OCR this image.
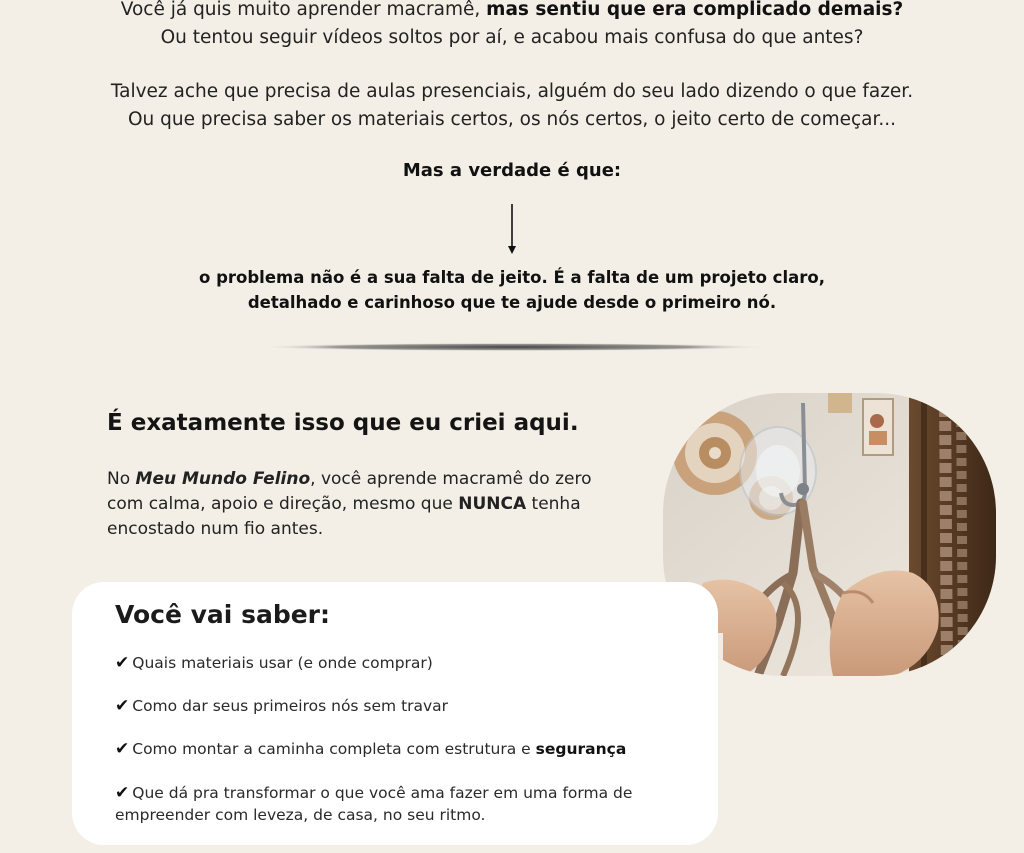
Você já quis muito aprender macramê, mas sentiu que era complicado demais?
Ou tentou seguir vídeos soltos por aí, e acabou mais confusa do que antes?
Talvez ache que precisa de aulas presenciais, alguém do seu lado dizendo o que fazer.
Ou que precisa saber os materiais certos, os nós certos, o jeito certo de começar...
Mas a verdade é que:
o problema não é a sua falta de jeito. É a falta de um projeto claro,
detalhado e carinhoso que te ajude desde o primeiro nó.
É exatamente isso que eu criei aqui.
No Meu Mundo Felino, você aprende macramê do zero com calma, apoio e direção, mesmo que NUNCA tenha encostado num fio antes.
Você vai saber:
✔ Quais materiais usar (e onde comprar)
✔ Como dar seus primeiros nós sem travar
✔ Como montar a caminha completa com estrutura e segurança
✔ Que dá pra transformar o que você ama fazer em uma forma de empreender com leveza, de casa, no seu ritmo.
